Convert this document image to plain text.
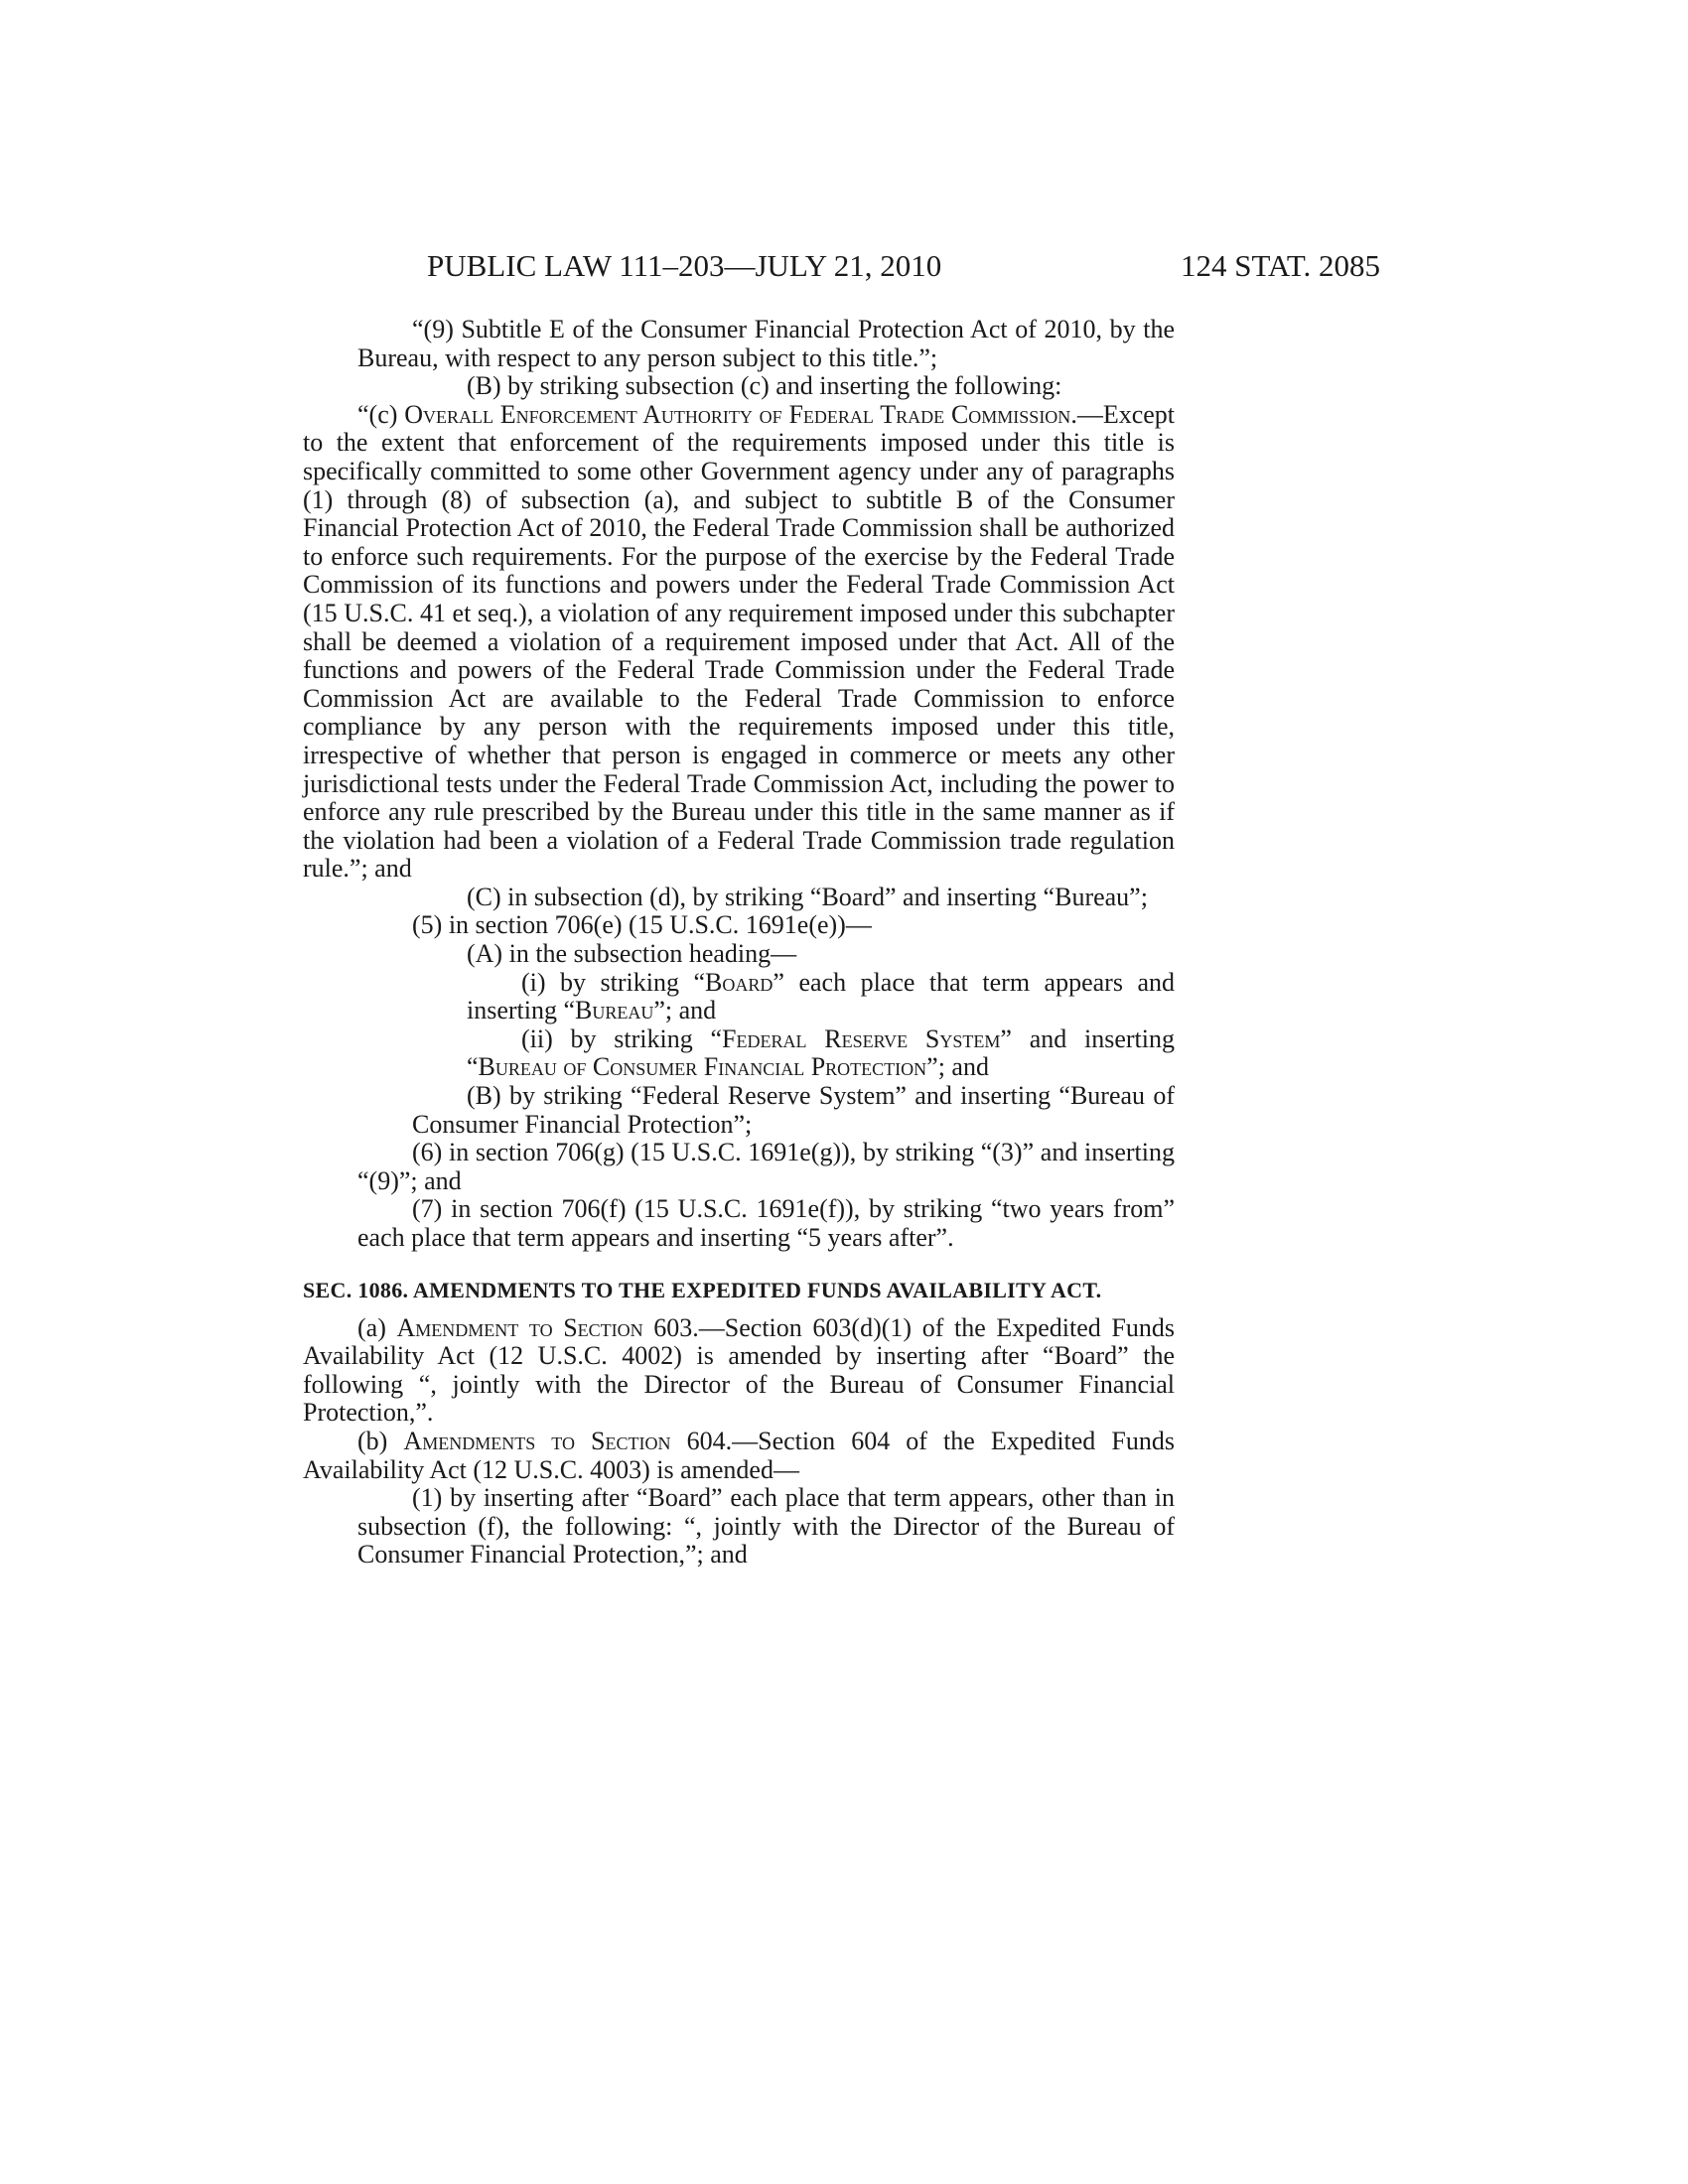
PUBLIC LAW 111–203—JULY 21, 2010	124 STAT. 2085

“(9) Subtitle E of the Consumer Financial Protection Act of 2010, by the Bureau, with respect to any person subject to this title.”;

(B) by striking subsection (c) and inserting the following:

“(c) Overall Enforcement Authority of Federal Trade Commission.—Except to the extent that enforcement of the requirements imposed under this title is specifically committed to some other Government agency under any of paragraphs (1) through (8) of subsection (a), and subject to subtitle B of the Consumer Financial Protection Act of 2010, the Federal Trade Commission shall be authorized to enforce such requirements. For the purpose of the exercise by the Federal Trade Commission of its functions and powers under the Federal Trade Commission Act (15 U.S.C. 41 et seq.), a violation of any requirement imposed under this subchapter shall be deemed a violation of a requirement imposed under that Act. All of the functions and powers of the Federal Trade Commission under the Federal Trade Commission Act are available to the Federal Trade Commission to enforce compliance by any person with the requirements imposed under this title, irrespective of whether that person is engaged in commerce or meets any other jurisdictional tests under the Federal Trade Commission Act, including the power to enforce any rule prescribed by the Bureau under this title in the same manner as if the violation had been a violation of a Federal Trade Commission trade regulation rule.”; and

(C) in subsection (d), by striking “Board” and inserting “Bureau”;

(5) in section 706(e) (15 U.S.C. 1691e(e))—

(A) in the subsection heading—

(i) by striking “Board” each place that term appears and inserting “Bureau”; and

(ii) by striking “Federal Reserve System” and inserting “Bureau of Consumer Financial Protection”; and

(B) by striking “Federal Reserve System” and inserting “Bureau of Consumer Financial Protection”;

(6) in section 706(g) (15 U.S.C. 1691e(g)), by striking “(3)” and inserting “(9)”; and

(7) in section 706(f) (15 U.S.C. 1691e(f)), by striking “two years from” each place that term appears and inserting “5 years after”.

SEC. 1086. AMENDMENTS TO THE EXPEDITED FUNDS AVAILABILITY ACT.

(a) Amendment to Section 603.—Section 603(d)(1) of the Expedited Funds Availability Act (12 U.S.C. 4002) is amended by inserting after “Board” the following “, jointly with the Director of the Bureau of Consumer Financial Protection,”.

(b) Amendments to Section 604.—Section 604 of the Expedited Funds Availability Act (12 U.S.C. 4003) is amended—

(1) by inserting after “Board” each place that term appears, other than in subsection (f), the following: “, jointly with the Director of the Bureau of Consumer Financial Protection,”; and
